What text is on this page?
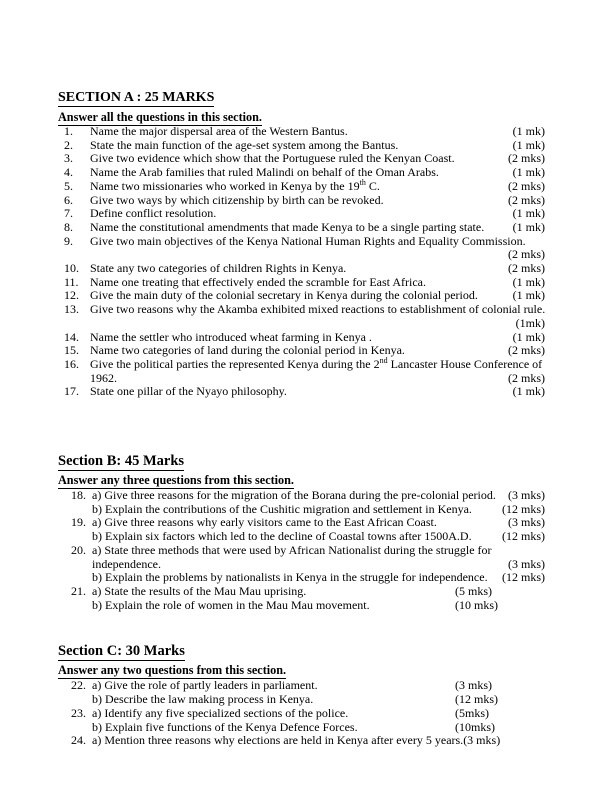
SECTION A : 25 MARKS
Answer all the questions in this section.
1. Name the major dispersal area of the Western Bantus.	(1 mk)
2. State the main function of the age-set system among the Bantus.	(1 mk)
3. Give two evidence which show that the Portuguese ruled the Kenyan Coast.	(2 mks)
4. Name the Arab families that ruled Malindi on behalf of the Oman Arabs.	(1 mk)
5. Name two missionaries who worked in Kenya by the 19th C.	(2 mks)
6. Give two ways by which citizenship by birth can be revoked.	(2 mks)
7. Define conflict resolution.	(1 mk)
8. Name the constitutional amendments that made Kenya to be a single parting state. (1 mk)
9. Give two main objectives of the Kenya National Human Rights and Equality Commission.
(2 mks)
10. State any two categories of children Rights in Kenya.	(2 mks)
11. Name one treating that effectively ended the scramble for East Africa.	(1 mk)
12. Give the main duty of the colonial secretary in Kenya during the colonial period.	(1 mk)
13. Give two reasons why the Akamba exhibited mixed reactions to establishment of colonial rule.
(1mk)
14. Name the settler who introduced wheat farming in Kenya .	(1 mk)
15. Name two categories of land during the colonial period in Kenya.	(2 mks)
16. Give the political parties the represented Kenya during the 2nd Lancaster House Conference of
1962.	(2 mks)
17. State one pillar of the Nyayo philosophy.	(1 mk)
Section B: 45 Marks
Answer any three questions from this section.
18. a) Give three reasons for the migration of the Borana during the pre-colonial period. (3 mks)
b) Explain the contributions of the Cushitic migration and settlement in Kenya.	(12 mks)
19. a) Give three reasons why early visitors came to the East African Coast.	(3 mks)
b) Explain six factors which led to the decline of Coastal towns after 1500A.D.	(12 mks)
20. a) State three methods that were used by African Nationalist during the struggle for
independence.	(3 mks)
b) Explain the problems by nationalists in Kenya in the struggle for independence. (12 mks)
21. a) State the results of the Mau Mau uprising.	(5 mks)
b) Explain the role of women in the Mau Mau movement.	(10 mks)
Section C: 30 Marks
Answer any two questions from this section.
22. a) Give the role of partly leaders in parliament.	(3 mks)
b) Describe the law making process in Kenya.	(12 mks)
23. a) Identify any five specialized sections of the police.	(5mks)
b) Explain five functions of the Kenya Defence Forces.	(10mks)
24. a) Mention three reasons why elections are held in Kenya after every 5 years. (3 mks)
